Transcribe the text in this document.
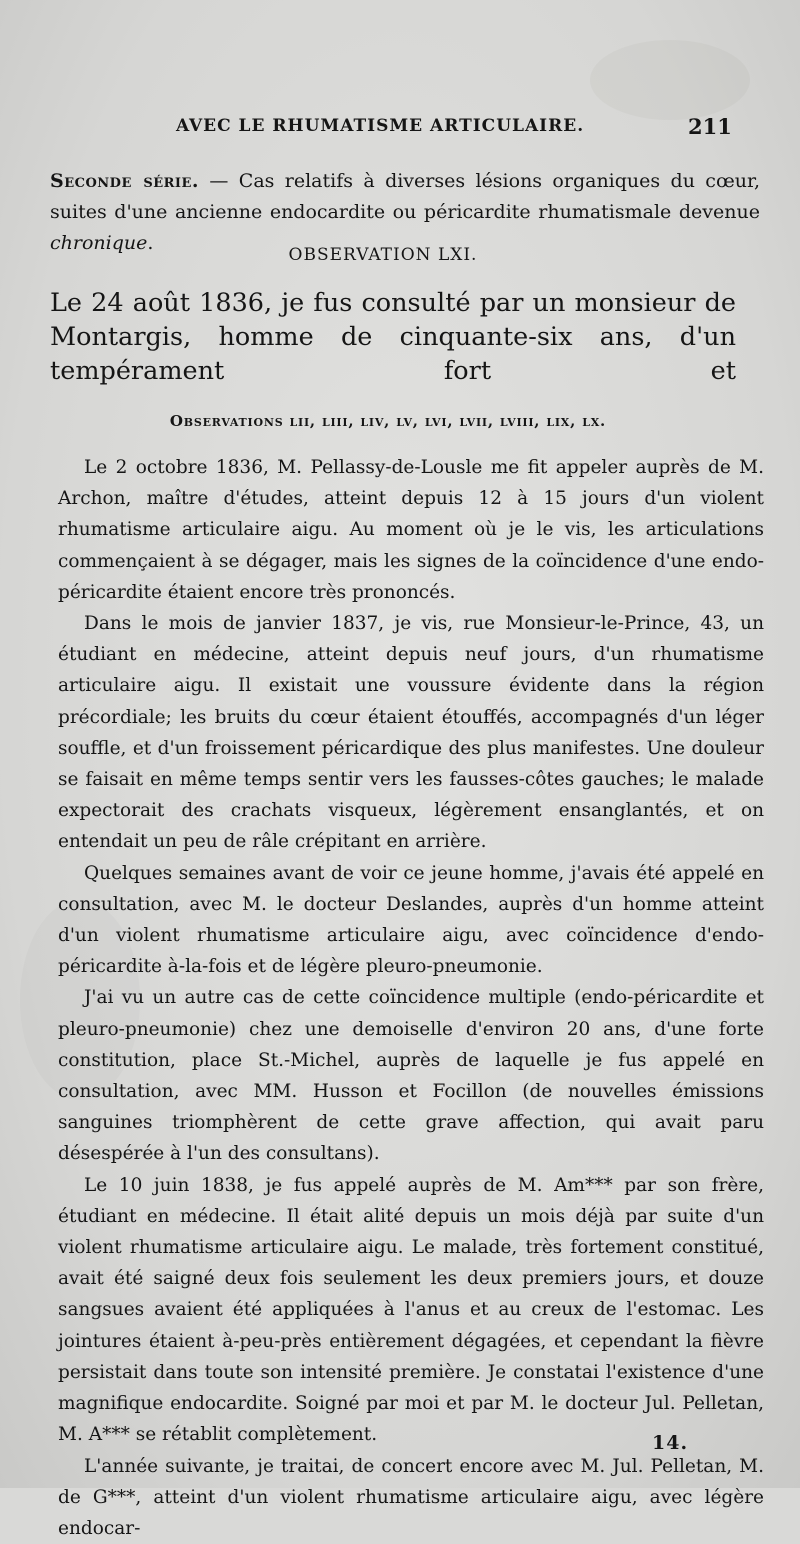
AVEC LE RHUMATISME ARTICULAIRE.	211
Seconde série. — Cas relatifs à diverses lésions organiques du cœur, suites d'une ancienne endocardite ou péricardite rhumatismale devenue chronique.
OBSERVATION LXI.
Le 24 août 1836, je fus consulté par un monsieur de Montargis, homme de cinquante-six ans, d'un tempérament fort et
Observations lii, liii, liv, lv, lvi, lvii, lviii, lix, lx.

Le 2 octobre 1836, M. Pellassy-de-Lousle me fit appeler auprès de M. Archon, maître d'études, atteint depuis 12 à 15 jours d'un violent rhumatisme articulaire aigu. Au moment où je le vis, les articulations commençaient à se dégager, mais les signes de la coïncidence d'une endo-péricardite étaient encore très prononcés.

Dans le mois de janvier 1837, je vis, rue Monsieur-le-Prince, 43, un étudiant en médecine, atteint depuis neuf jours, d'un rhumatisme articulaire aigu. Il existait une voussure évidente dans la région précordiale; les bruits du cœur étaient étouffés, accompagnés d'un léger souffle, et d'un froissement péricardique des plus manifestes. Une douleur se faisait en même temps sentir vers les fausses-côtes gauches; le malade expectorait des crachats visqueux, légèrement ensanglantés, et on entendait un peu de râle crépitant en arrière.

Quelques semaines avant de voir ce jeune homme, j'avais été appelé en consultation, avec M. le docteur Deslandes, auprès d'un homme atteint d'un violent rhumatisme articulaire aigu, avec coïncidence d'endo-péricardite à-la-fois et de légère pleuro-pneumonie.

J'ai vu un autre cas de cette coïncidence multiple (endo-péricardite et pleuro-pneumonie) chez une demoiselle d'environ 20 ans, d'une forte constitution, place St.-Michel, auprès de laquelle je fus appelé en consultation, avec MM. Husson et Focillon (de nouvelles émissions sanguines triomphèrent de cette grave affection, qui avait paru désespérée à l'un des consultans).

Le 10 juin 1838, je fus appelé auprès de M. Am*** par son frère, étudiant en médecine. Il était alité depuis un mois déjà par suite d'un violent rhumatisme articulaire aigu. Le malade, très fortement constitué, avait été saigné deux fois seulement les deux premiers jours, et douze sangsues avaient été appliquées à l'anus et au creux de l'estomac. Les jointures étaient à-peu-près entièrement dégagées, et cependant la fièvre persistait dans toute son intensité première. Je constatai l'existence d'une magnifique endocardite. Soigné par moi et par M. le docteur Jul. Pelletan, M. A*** se rétablit complètement.

L'année suivante, je traitai, de concert encore avec M. Jul. Pelletan, M. de G***, atteint d'un violent rhumatisme articulaire aigu, avec légère endocar-

14.
